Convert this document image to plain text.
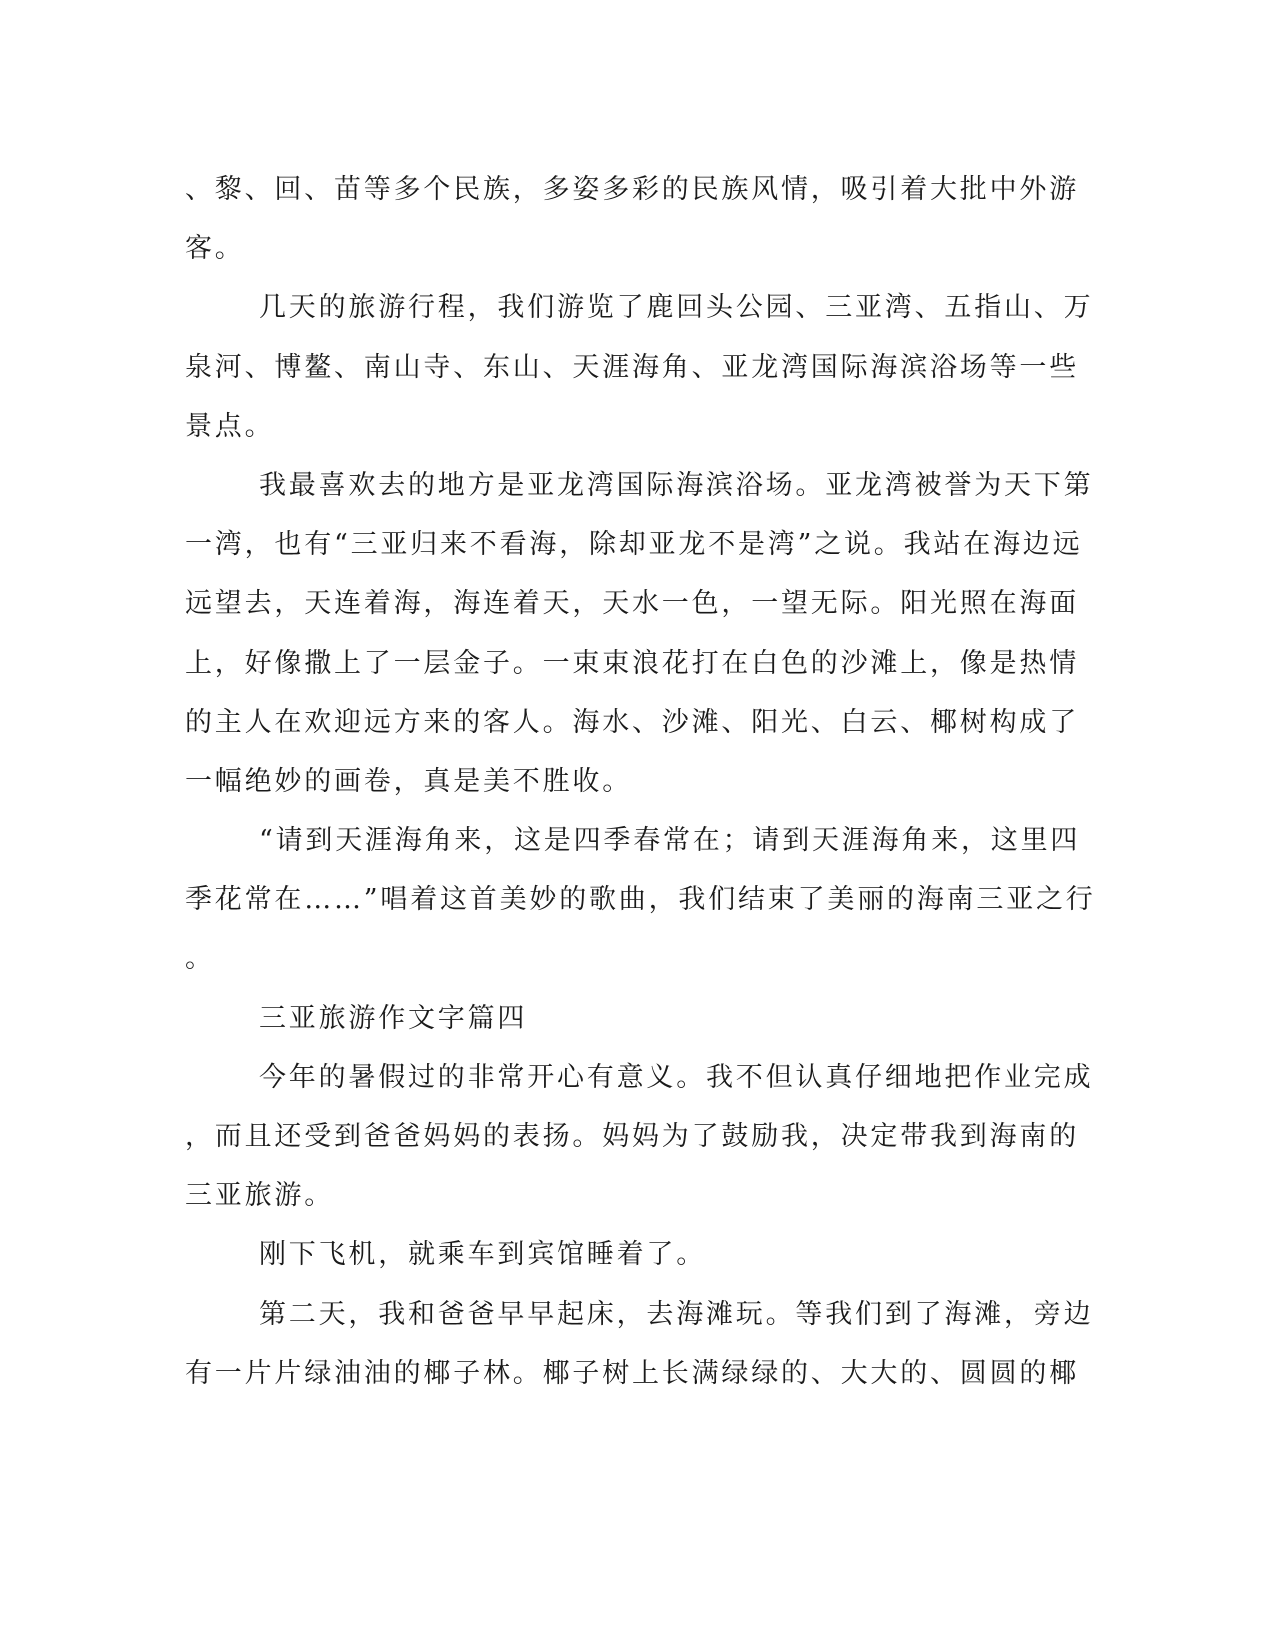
、黎、回、苗等多个民族，多姿多彩的民族风情，吸引着大批中外游
客。
几天的旅游行程，我们游览了鹿回头公园、三亚湾、五指山、万
泉河、博鳌、南山寺、东山、天涯海角、亚龙湾国际海滨浴场等一些
景点。
我最喜欢去的地方是亚龙湾国际海滨浴场。亚龙湾被誉为天下第
一湾，也有“三亚归来不看海，除却亚龙不是湾”之说。我站在海边远
远望去，天连着海，海连着天，天水一色，一望无际。阳光照在海面
上，好像撒上了一层金子。一束束浪花打在白色的沙滩上，像是热情
的主人在欢迎远方来的客人。海水、沙滩、阳光、白云、椰树构成了
一幅绝妙的画卷，真是美不胜收。
“请到天涯海角来，这是四季春常在；请到天涯海角来，这里四
季花常在……”唱着这首美妙的歌曲，我们结束了美丽的海南三亚之行
。
三亚旅游作文字篇四
今年的暑假过的非常开心有意义。我不但认真仔细地把作业完成
，而且还受到爸爸妈妈的表扬。妈妈为了鼓励我，决定带我到海南的
三亚旅游。
刚下飞机，就乘车到宾馆睡着了。
第二天，我和爸爸早早起床，去海滩玩。等我们到了海滩，旁边
有一片片绿油油的椰子林。椰子树上长满绿绿的、大大的、圆圆的椰
